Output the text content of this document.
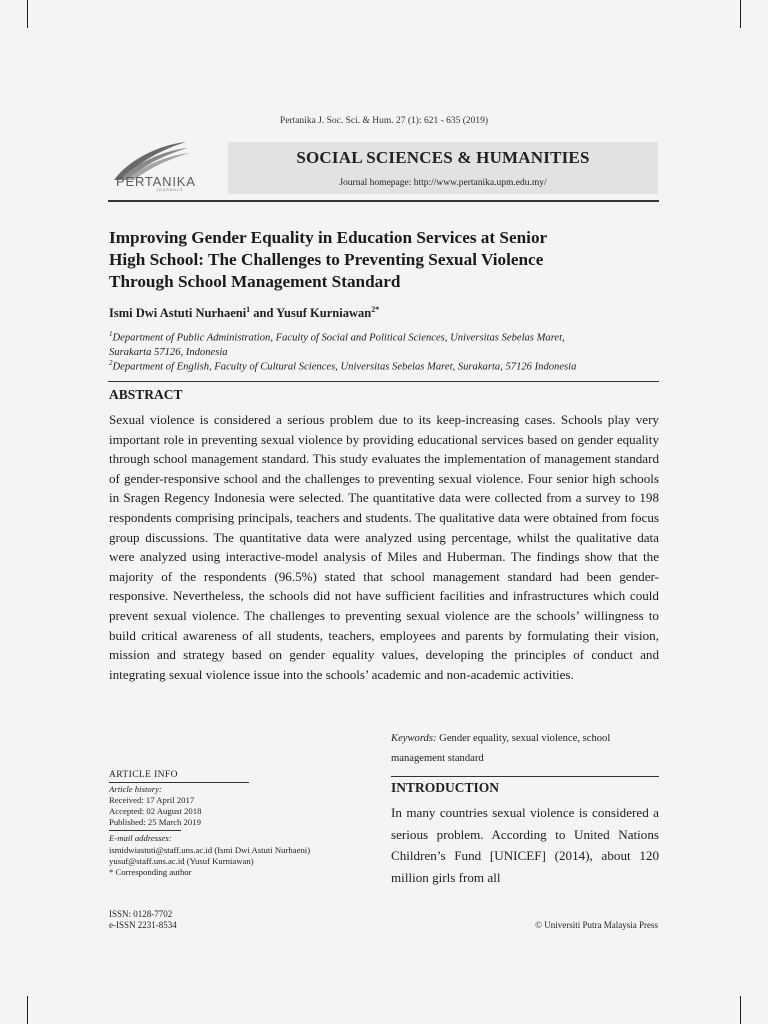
Pertanika J. Soc. Sci. & Hum. 27 (1): 621 - 635 (2019)
PERTANIKA
JOURNALS
SOCIAL SCIENCES & HUMANITIES
Journal homepage: http://www.pertanika.upm.edu.my/
Improving Gender Equality in Education Services at Senior
High School: The Challenges to Preventing Sexual Violence
Through School Management Standard
Ismi Dwi Astuti Nurhaeni$^1$ and Yusuf Kurniawan$^{2*}$
$^1$Department of Public Administration, Faculty of Social and Political Sciences, Universitas Sebelas Maret,
Surakarta 57126, Indonesia
$^2$Department of English, Faculty of Cultural Sciences, Universitas Sebelas Maret, Surakarta, 57126 Indonesia
ABSTRACT

Sexual violence is considered a serious problem due to its keep-increasing cases. Schools play very important role in preventing sexual violence by providing educational services based on gender equality through school management standard. This study evaluates the implementation of management standard of gender-responsive school and the challenges to preventing sexual violence. Four senior high schools in Sragen Regency Indonesia were selected. The quantitative data were collected from a survey to 198 respondents comprising principals, teachers and students. The qualitative data were obtained from focus group discussions. The quantitative data were analyzed using percentage, whilst the qualitative data were analyzed using interactive-model analysis of Miles and Huberman. The findings show that the majority of the respondents (96.5%) stated that school management standard had been gender-responsive. Nevertheless, the schools did not have sufficient facilities and infrastructures which could prevent sexual violence. The challenges to preventing sexual violence are the schools’ willingness to build critical awareness of all students, teachers, employees and parents by formulating their vision, mission and strategy based on gender equality values, developing the principles of conduct and integrating sexual violence issue into the schools’ academic and non-academic activities.

Keywords: Gender equality, sexual violence, school
management standard
ARTICLE INFO
Article history:
Received: 17 April 2017
Accepted: 02 August 2018
Published: 25 March 2019
E-mail addresses:
ismidwiastuti@staff.uns.ac.id (Ismi Dwi Astuti Nurhaeni)
yusuf@staff.uns.ac.id (Yusuf Kurniawan)
* Corresponding author
INTRODUCTION

In many countries sexual violence is considered a serious problem. According to United Nations Children’s Fund [UNICEF] (2014), about 120 million girls from all

ISSN: 0128-7702
e-ISSN 2231-8534	© Universiti Putra Malaysia Press
